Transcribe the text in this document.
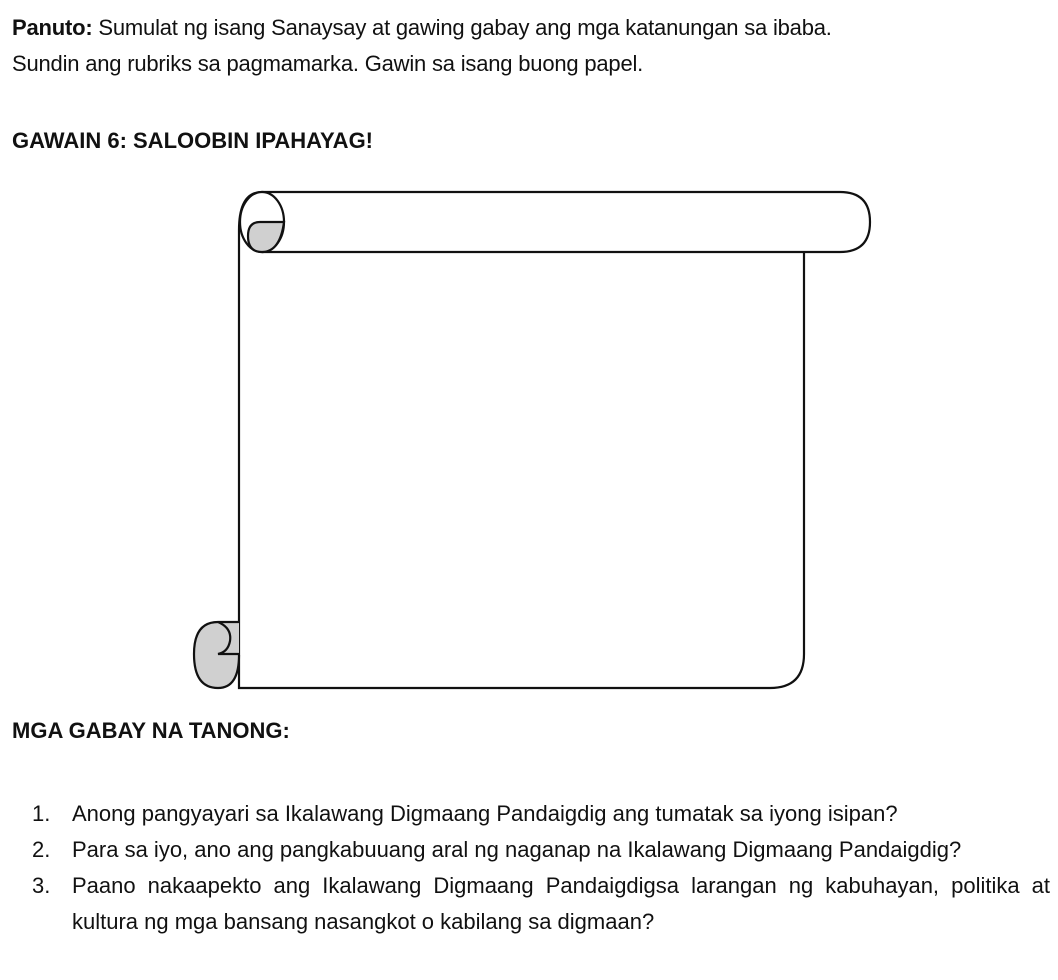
Panuto: Sumulat ng isang Sanaysay at gawing gabay ang mga katanungan sa ibaba.
Sundin ang rubriks sa pagmamarka. Gawin sa isang buong papel.
GAWAIN 6: SALOOBIN IPAHAYAG!
MGA GABAY NA TANONG:
1. Anong pangyayari sa Ikalawang Digmaang Pandaigdig ang tumatak sa iyong isipan?
2. Para sa iyo, ano ang pangkabuuang aral ng naganap na Ikalawang Digmaang Pandaigdig?
3. Paano nakaapekto ang Ikalawang Digmaang Pandaigdigsa larangan ng kabuhayan, politika at kultura ng mga bansang nasangkot o kabilang sa digmaan?
